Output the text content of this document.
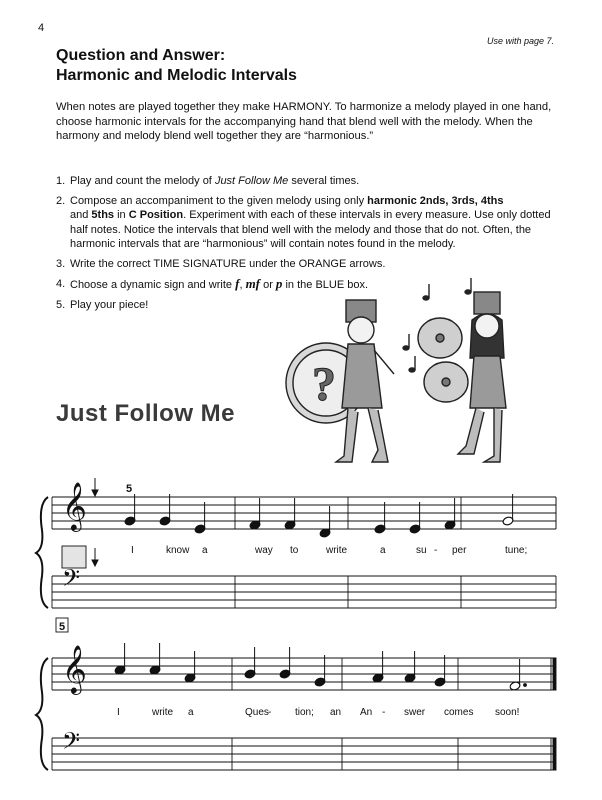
4
Use with page 7.
Question and Answer:
Harmonic and Melodic Intervals
When notes are played together they make HARMONY. To harmonize a melody played in one hand, choose harmonic intervals for the accompanying hand that blend well with the melody. When the harmony and melody blend well together they are “harmonious.”
1. Play and count the melody of Just Follow Me several times.
2. Compose an accompaniment to the given melody using only harmonic 2nds, 3rds, 4ths
and 5ths in C Position. Experiment with each of these intervals in every measure. Use only dotted half notes. Notice the intervals that blend well with the melody and those that do not. Often, the harmonic intervals that are “harmonious” will contain notes found in the melody.
3. Write the correct TIME SIGNATURE under the ORANGE arrows.
4. Choose a dynamic sign and write f, mf or p in the BLUE box.
5. Play your piece!
Just Follow Me
?
I	know a	way to	write	a	su - per	tune;
I	write a	Ques - tion; an An - swer comes soon!
5
5
𝄞
𝄢
𝄞
𝄢
